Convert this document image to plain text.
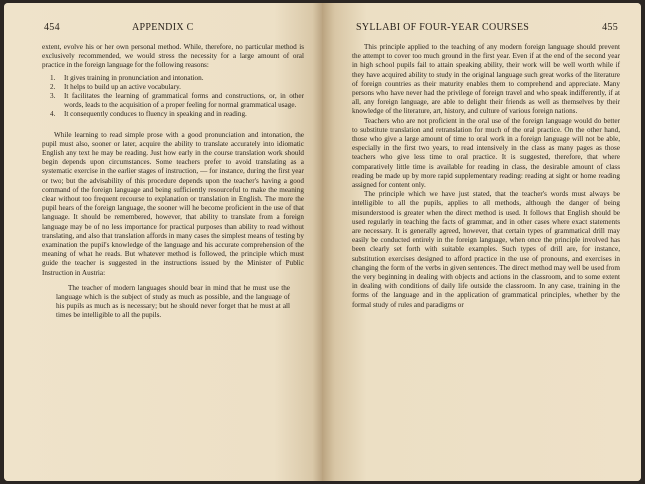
454	APPENDIX C

extent, evolve his or her own personal method. While, therefore, no particular method is exclusively recommended, we would stress the necessity for a large amount of oral practice in the foreign language for the following reasons:

1. It gives training in pronunciation and intonation.
2. It helps to build up an active vocabulary.
3. It facilitates the learning of grammatical forms and constructions, or, in other words, leads to the acquisition of a proper feeling for normal grammatical usage.
4. It consequently conduces to fluency in speaking and in reading.

While learning to read simple prose with a good pronunciation and intonation, the pupil must also, sooner or later, acquire the ability to translate accurately into idiomatic English any text he may be reading. Just how early in the course translation work should begin depends upon circumstances. Some teachers prefer to avoid translating as a systematic exercise in the earlier stages of instruction, — for instance, during the first year or two; but the advisability of this procedure depends upon the teacher's having a good command of the foreign language and being sufficiently resourceful to make the meaning clear without too frequent recourse to explanation or translation in English. The more the pupil hears of the foreign language, the sooner will he become proficient in the use of that language. It should be remembered, however, that ability to translate from a foreign language may be of no less importance for practical purposes than ability to read without translating, and also that translation affords in many cases the simplest means of testing by examination the pupil's knowledge of the language and his accurate comprehension of the meaning of what he reads. But whatever method is followed, the principle which must guide the teacher is suggested in the instructions issued by the Minister of Public Instruction in Austria:

The teacher of modern languages should bear in mind that he must use the language which is the subject of study as much as possible, and the language of his pupils as much as is necessary; but he should never forget that he must at all times be intelligible to all the pupils.

SYLLABI OF FOUR-YEAR COURSES	455

This principle applied to the teaching of any modern foreign language should prevent the attempt to cover too much ground in the first year. Even if at the end of the second year in high school pupils fail to attain speaking ability, their work will be well worth while if they have acquired ability to study in the original language such great works of the literature of foreign countries as their maturity enables them to comprehend and appreciate. Many persons who have never had the privilege of foreign travel and who speak indifferently, if at all, any foreign language, are able to delight their friends as well as themselves by their knowledge of the literature, art, history, and culture of various foreign nations.

Teachers who are not proficient in the oral use of the foreign language would do better to substitute translation and retranslation for much of the oral practice. On the other hand, those who give a large amount of time to oral work in a foreign language will not be able, especially in the first two years, to read intensively in the class as many pages as those teachers who give less time to oral practice. It is suggested, therefore, that where comparatively little time is available for reading in class, the desirable amount of class reading be made up by more rapid supplementary reading: reading at sight or home reading assigned for content only.

The principle which we have just stated, that the teacher's words must always be intelligible to all the pupils, applies to all methods, although the danger of being misunderstood is greater when the direct method is used. It follows that English should be used regularly in teaching the facts of grammar, and in other cases where exact statements are necessary. It is generally agreed, however, that certain types of grammatical drill may easily be conducted entirely in the foreign language, when once the principle involved has been clearly set forth with suitable examples. Such types of drill are, for instance, substitution exercises designed to afford practice in the use of pronouns, and exercises in changing the form of the verbs in given sentences. The direct method may well be used from the very beginning in dealing with objects and actions in the classroom, and to some extent in dealing with conditions of daily life outside the classroom. In any case, training in the forms of the language and in the application of grammatical principles, whether by the formal study of rules and paradigms or
